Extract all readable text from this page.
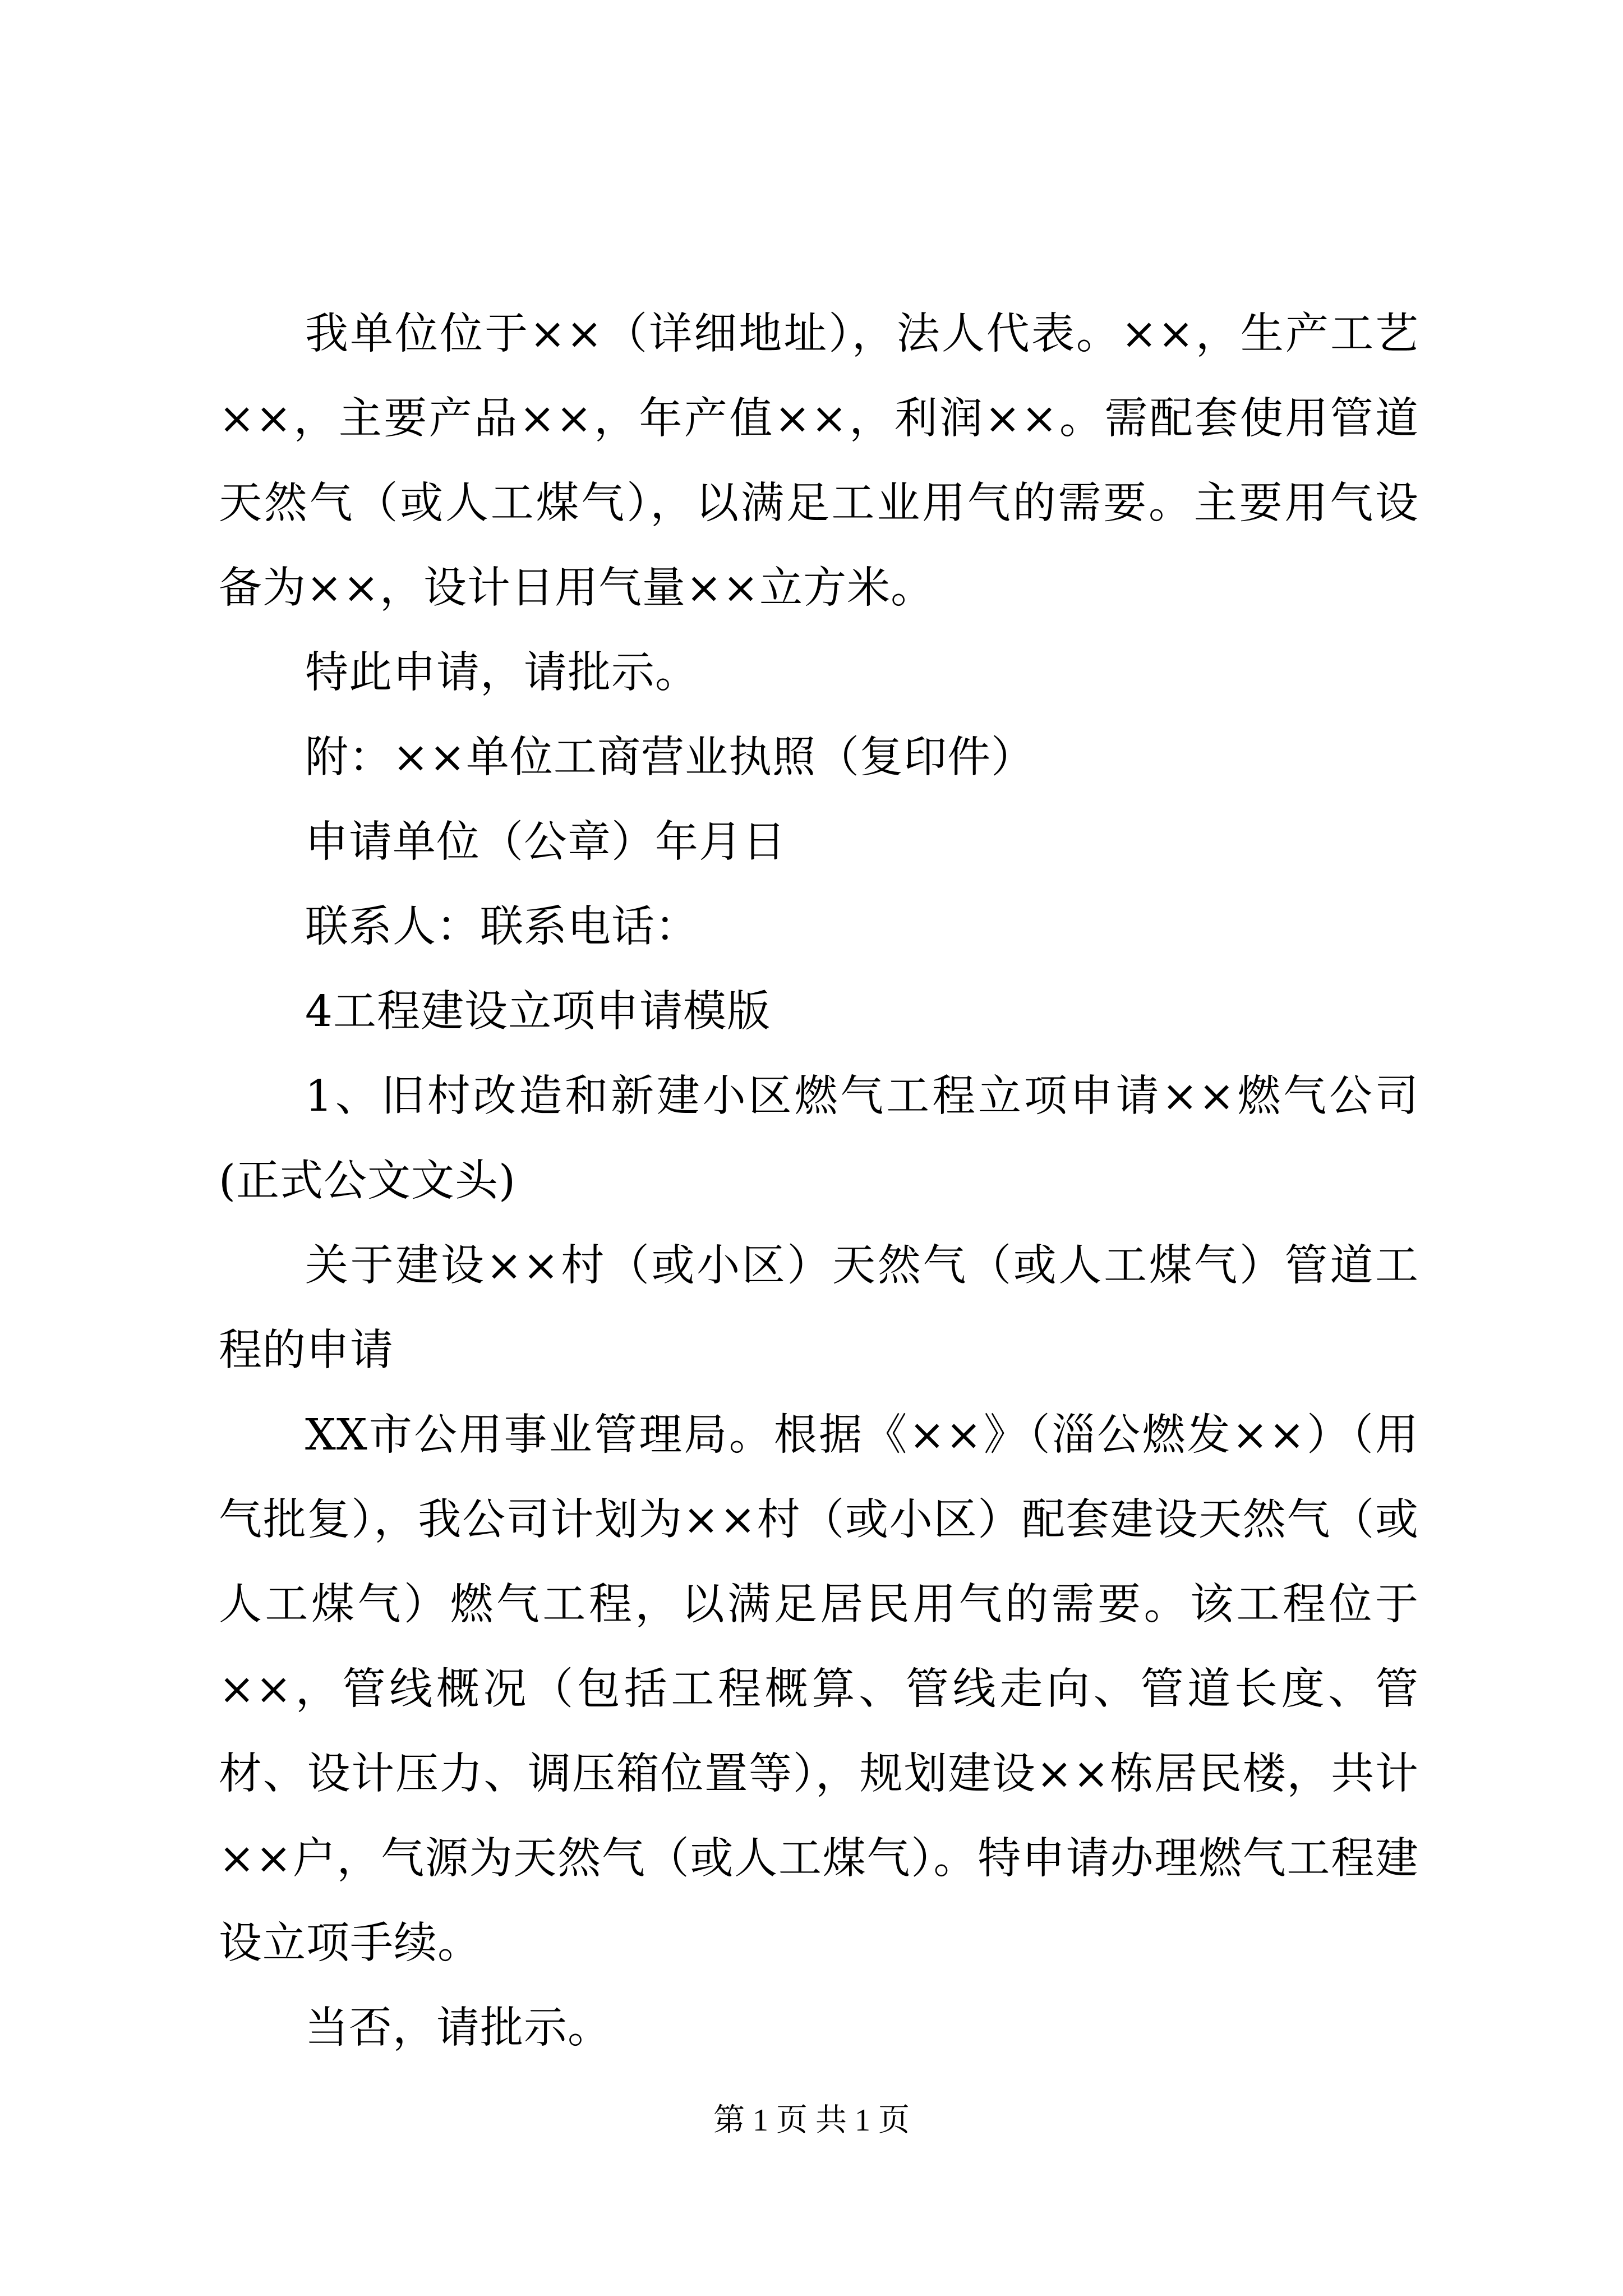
我单位位于××（详细地址），法人代表。××，生产工艺××，主要产品××，年产值××，利润××。需配套使用管道天然气（或人工煤气），以满足工业用气的需要。主要用气设备为××，设计日用气量××立方米。

特此申请，请批示。

附：××单位工商营业执照（复印件）

申请单位（公章）年月日

联系人：联系电话：

4工程建设立项申请模版

1、旧村改造和新建小区燃气工程立项申请××燃气公司(正式公文文头)

关于建设××村（或小区）天然气（或人工煤气）管道工程的申请

XX市公用事业管理局。根据《××》（淄公燃发××）（用气批复），我公司计划为××村（或小区）配套建设天然气（或人工煤气）燃气工程，以满足居民用气的需要。该工程位于××，管线概况（包括工程概算、管线走向、管道长度、管材、设计压力、调压箱位置等），规划建设××栋居民楼，共计××户，气源为天然气（或人工煤气）。特申请办理燃气工程建设立项手续。

当否，请批示。

第 1 页 共 1 页
